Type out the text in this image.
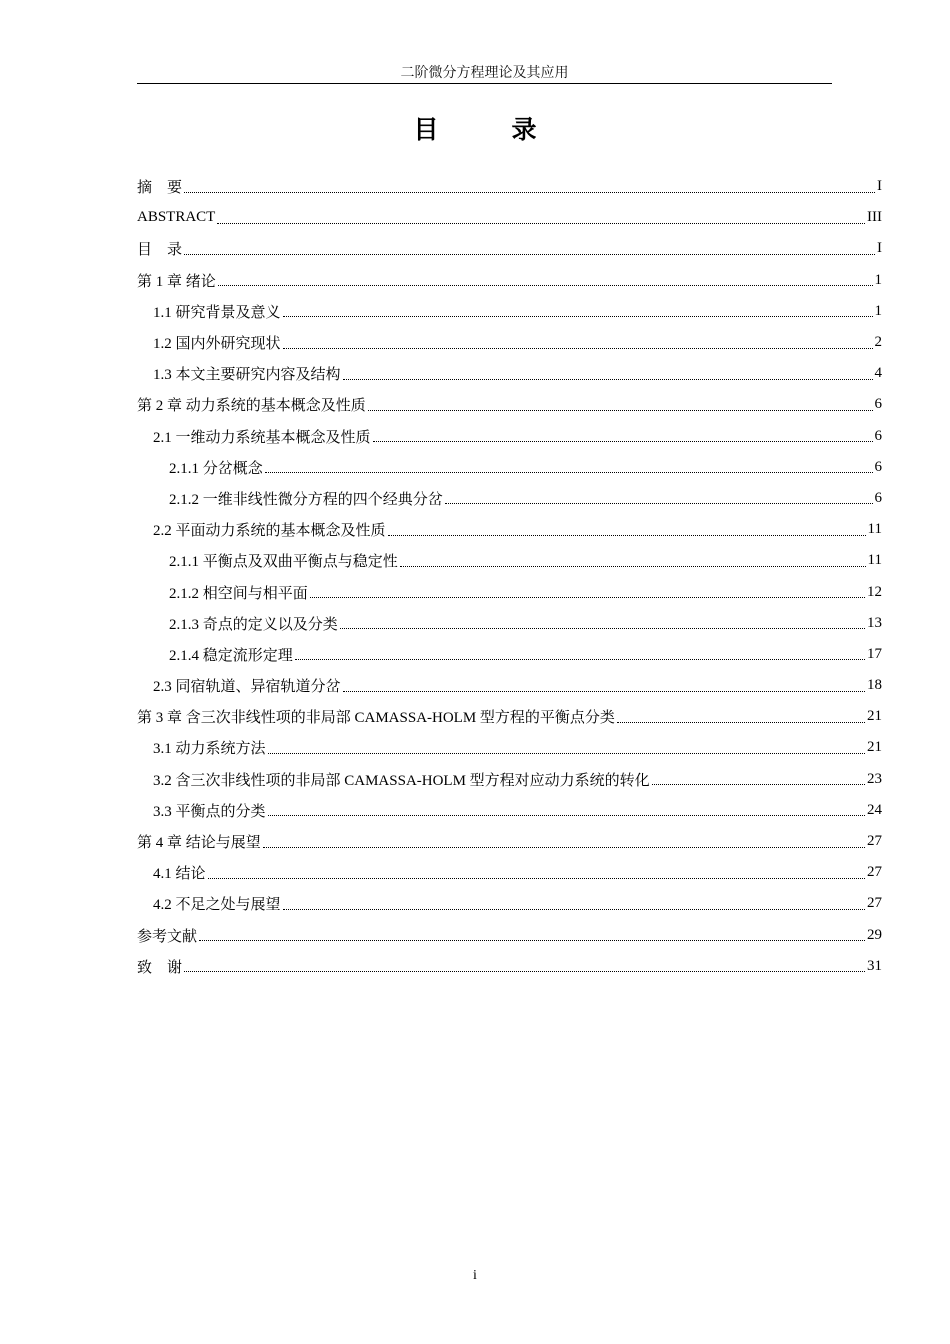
二阶微分方程理论及其应用
目　录
摘　要	I
ABSTRACT	III
目　录	I
第 1 章 绪论	1
1.1 研究背景及意义	1
1.2 国内外研究现状	2
1.3 本文主要研究内容及结构	4
第 2 章 动力系统的基本概念及性质	6
2.1 一维动力系统基本概念及性质	6
2.1.1 分岔概念	6
2.1.2 一维非线性微分方程的四个经典分岔	6
2.2 平面动力系统的基本概念及性质	11
2.1.1 平衡点及双曲平衡点与稳定性	11
2.1.2 相空间与相平面	12
2.1.3 奇点的定义以及分类	13
2.1.4 稳定流形定理	17
2.3 同宿轨道、异宿轨道分岔	18
第 3 章 含三次非线性项的非局部 CAMASSA-HOLM 型方程的平衡点分类	21
3.1 动力系统方法	21
3.2 含三次非线性项的非局部 CAMASSA-HOLM 型方程对应动力系统的转化	23
3.3 平衡点的分类	24
第 4 章 结论与展望	27
4.1 结论	27
4.2 不足之处与展望	27
参考文献	29
致　谢	31
i
